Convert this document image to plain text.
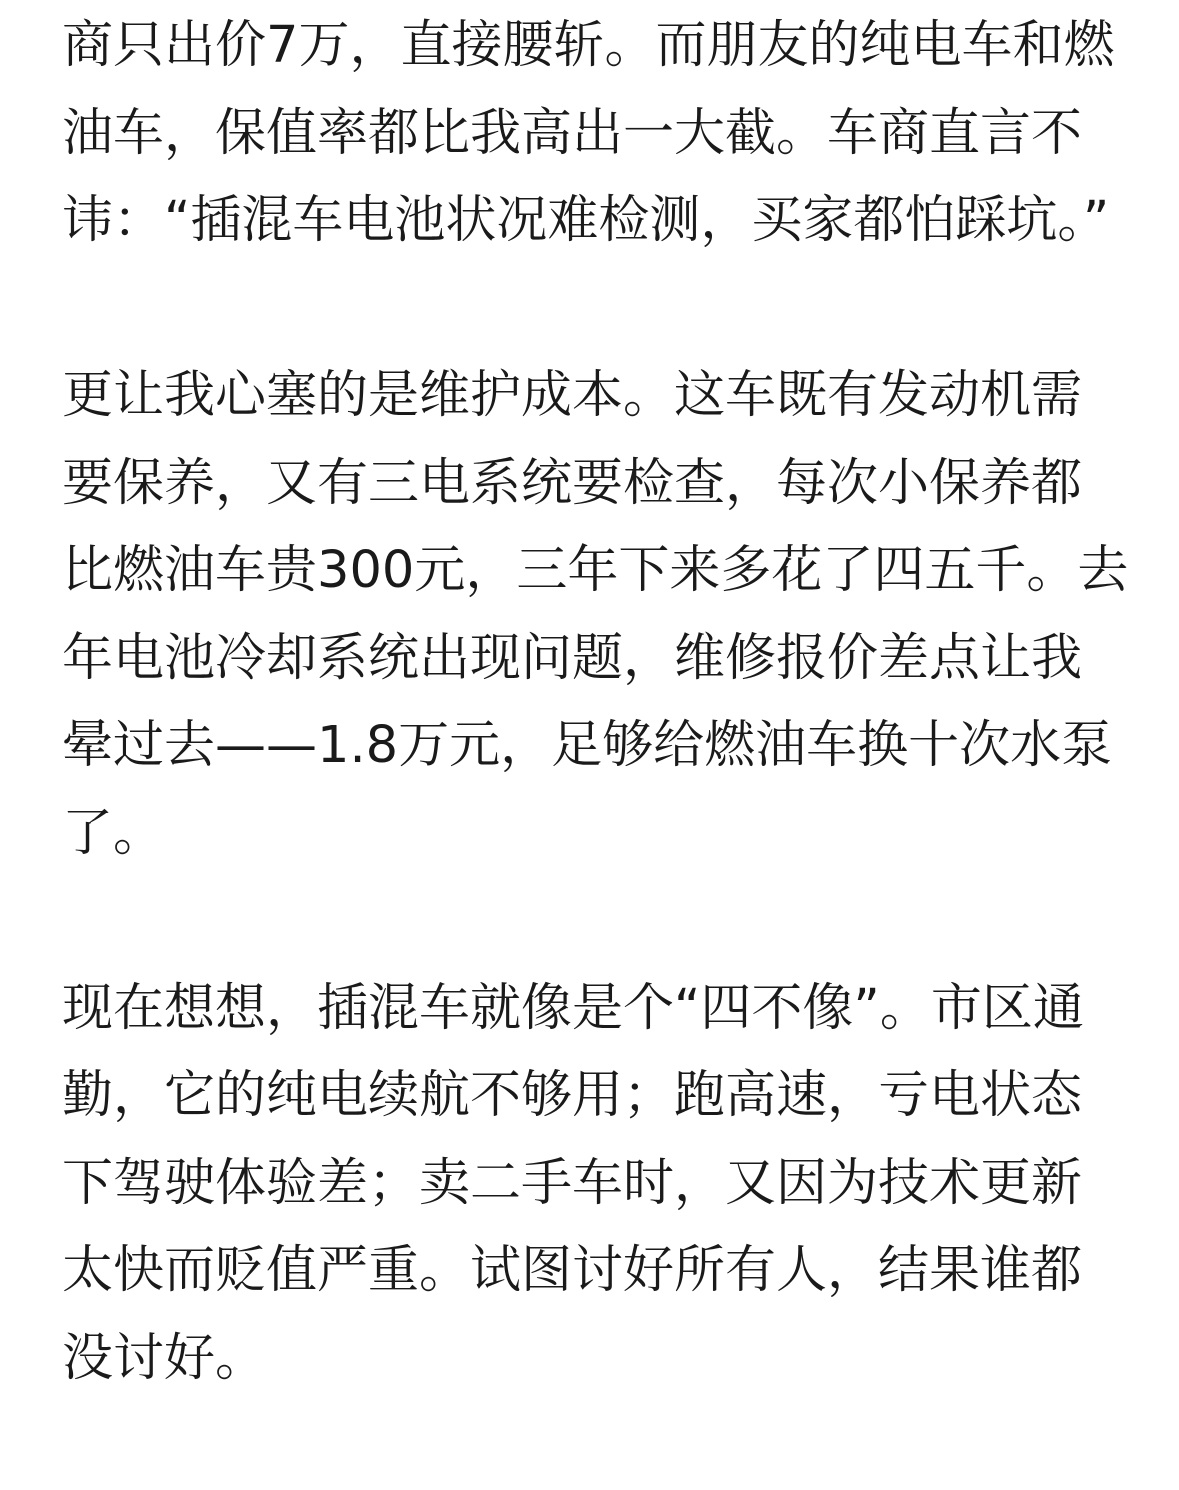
商只出价7万，直接腰斩。而朋友的纯电车和燃
油车，保值率都比我高出一大截。车商直言不
讳：“插混车电池状况难检测，买家都怕踩坑。”
更让我心塞的是维护成本。这车既有发动机需
要保养，又有三电系统要检查，每次小保养都
比燃油车贵300元，三年下来多花了四五千。去
年电池冷却系统出现问题，维修报价差点让我
晕过去——1.8万元，足够给燃油车换十次水泵
了。
现在想想，插混车就像是个“四不像”。市区通
勤，它的纯电续航不够用；跑高速，亏电状态
下驾驶体验差；卖二手车时，又因为技术更新
太快而贬值严重。试图讨好所有人，结果谁都
没讨好。
